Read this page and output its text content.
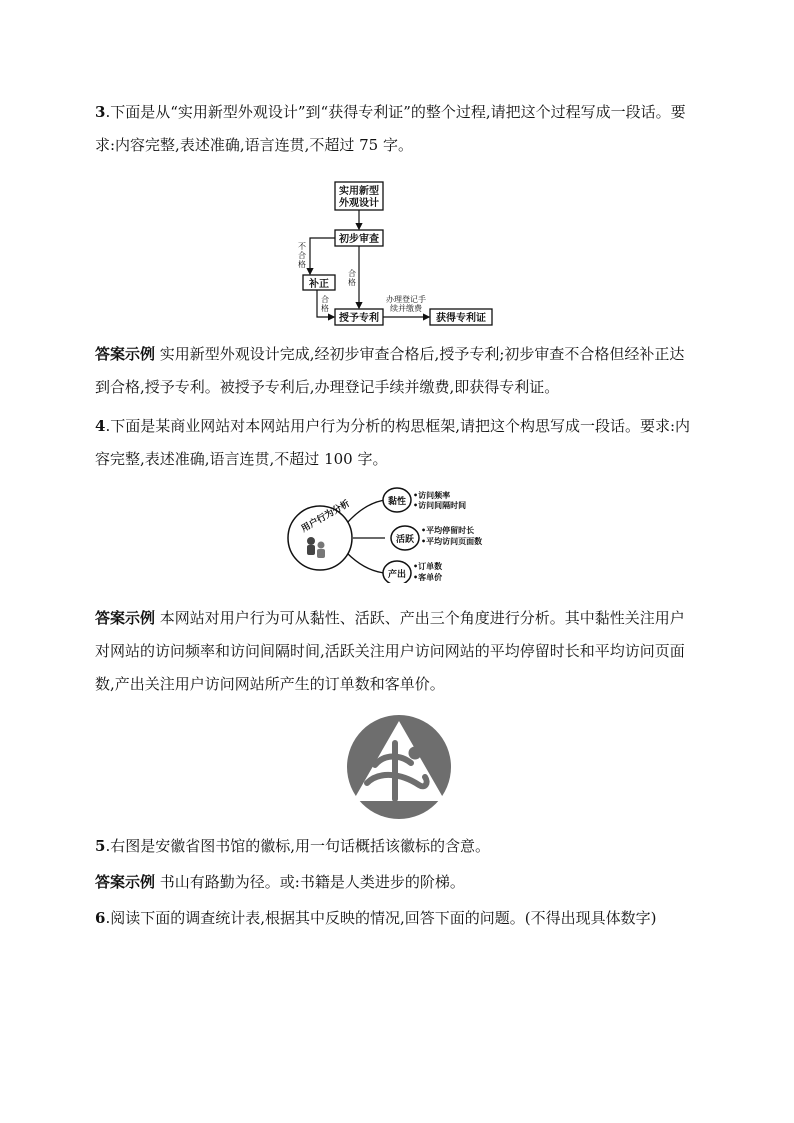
3.下面是从“实用新型外观设计”到“获得专利证”的整个过程,请把这个过程写成一段话。要求:内容完整,表述准确,语言连贯,不超过 75 字。

实用新型
外观设计
初步审查
补正
授予专利	获得专利证
不
合
格
合
格
合
格
办理登记手
续并缴费

答案示例 实用新型外观设计完成,经初步审查合格后,授予专利;初步审查不合格但经补正达到合格,授予专利。被授予专利后,办理登记手续并缴费,即获得专利证。

4.下面是某商业网站对本网站用户行为分析的构思框架,请把这个构思写成一段话。要求:内容完整,表述准确,语言连贯,不超过 100 字。

用户行为分析	黏性
活跃
产出
•访问频率
•访问间隔时间
•平均停留时长
•平均访问页面数
•订单数
•客单价

答案示例 本网站对用户行为可从黏性、活跃、产出三个角度进行分析。其中黏性关注用户对网站的访问频率和访问间隔时间,活跃关注用户访问网站的平均停留时长和平均访问页面数,产出关注用户访问网站所产生的订单数和客单价。

5.右图是安徽省图书馆的徽标,用一句话概括该徽标的含意。

答案示例 书山有路勤为径。或:书籍是人类进步的阶梯。

6.阅读下面的调查统计表,根据其中反映的情况,回答下面的问题。(不得出现具体数字)
